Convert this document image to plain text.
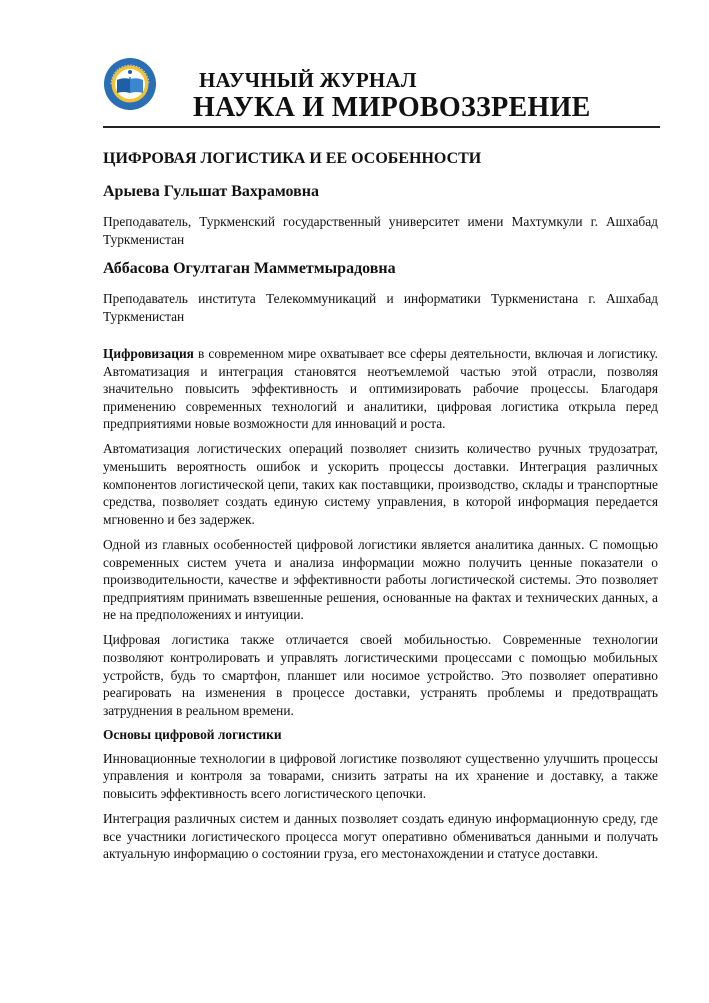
НАУЧНЫЙ ЖУРНАЛ
НАУКА И МИРОВОЗЗРЕНИЕ
ЦИФРОВАЯ ЛОГИСТИКА И ЕЕ ОСОБЕННОСТИ
Арыева Гульшат Вахрамовна
Преподаватель, Туркменский государственный университет имени Махтумкули г. Ашхабад Туркменистан
Аббасова Огултаган Мамметмырадовна
Преподаватель института Телекоммуникаций и информатики Туркменистана г. Ашхабад Туркменистан

Цифровизация в современном мире охватывает все сферы деятельности, включая и логистику. Автоматизация и интеграция становятся неотъемлемой частью этой отрасли, позволяя значительно повысить эффективность и оптимизировать рабочие процессы. Благодаря применению современных технологий и аналитики, цифровая логистика открыла перед предприятиями новые возможности для инноваций и роста.

Автоматизация логистических операций позволяет снизить количество ручных трудозатрат, уменьшить вероятность ошибок и ускорить процессы доставки. Интеграция различных компонентов логистической цепи, таких как поставщики, производство, склады и транспортные средства, позволяет создать единую систему управления, в которой информация передается мгновенно и без задержек.

Одной из главных особенностей цифровой логистики является аналитика данных. С помощью современных систем учета и анализа информации можно получить ценные показатели о производительности, качестве и эффективности работы логистической системы. Это позволяет предприятиям принимать взвешенные решения, основанные на фактах и технических данных, а не на предположениях и интуиции.

Цифровая логистика также отличается своей мобильностью. Современные технологии позволяют контролировать и управлять логистическими процессами с помощью мобильных устройств, будь то смартфон, планшет или носимое устройство. Это позволяет оперативно реагировать на изменения в процессе доставки, устранять проблемы и предотвращать затруднения в реальном времени.

Основы цифровой логистики

Инновационные технологии в цифровой логистике позволяют существенно улучшить процессы управления и контроля за товарами, снизить затраты на их хранение и доставку, а также повысить эффективность всего логистического цепочки.

Интеграция различных систем и данных позволяет создать единую информационную среду, где все участники логистического процесса могут оперативно обмениваться данными и получать актуальную информацию о состоянии груза, его местонахождении и статусе доставки.
